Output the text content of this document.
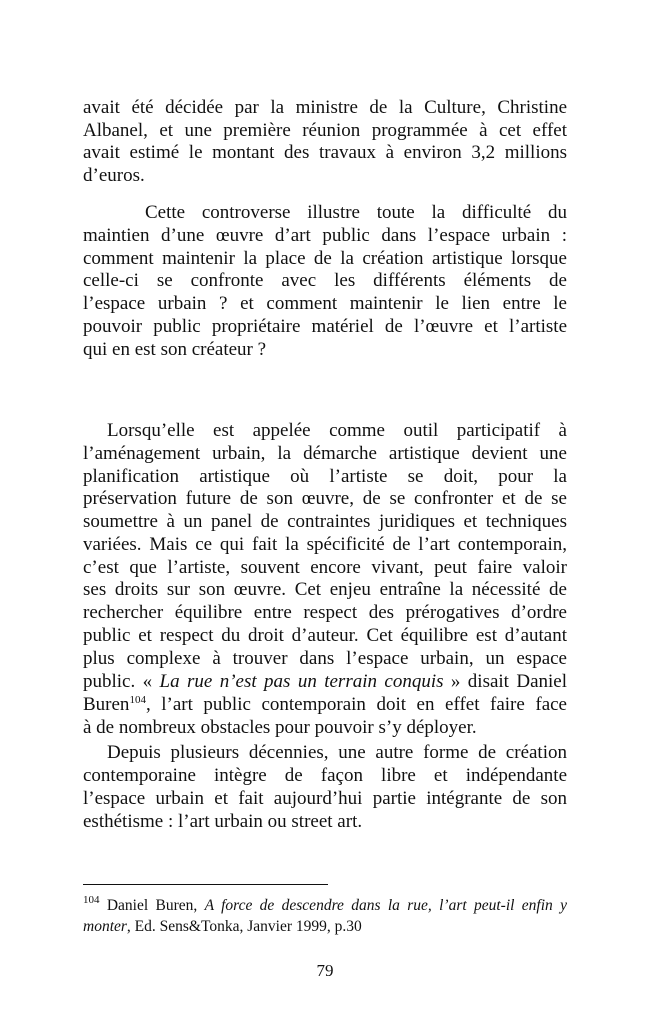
avait été décidée par la ministre de la Culture, Christine
Albanel, et une première réunion programmée à cet effet
avait estimé le montant des travaux à environ 3,2 millions
d’euros.
Cette controverse illustre toute la difficulté du
maintien d’une œuvre d’art public dans l’espace urbain :
comment maintenir la place de la création artistique lorsque
celle-ci se confronte avec les différents éléments de
l’espace urbain ? et comment maintenir le lien entre le
pouvoir public propriétaire matériel de l’œuvre et l’artiste
qui en est son créateur ?
Lorsqu’elle est appelée comme outil participatif à
l’aménagement urbain, la démarche artistique devient une
planification artistique où l’artiste se doit, pour la
préservation future de son œuvre, de se confronter et de se
soumettre à un panel de contraintes juridiques et techniques
variées. Mais ce qui fait la spécificité de l’art contemporain,
c’est que l’artiste, souvent encore vivant, peut faire valoir
ses droits sur son œuvre. Cet enjeu entraîne la nécessité de
rechercher équilibre entre respect des prérogatives d’ordre
public et respect du droit d’auteur. Cet équilibre est d’autant
plus complexe à trouver dans l’espace urbain, un espace
public. « La rue n’est pas un terrain conquis » disait Daniel
Buren$^{104}$, l’art public contemporain doit en effet faire face
à de nombreux obstacles pour pouvoir s’y déployer.
Depuis plusieurs décennies, une autre forme de création
contemporaine intègre de façon libre et indépendante
l’espace urbain et fait aujourd’hui partie intégrante de son
esthétisme : l’art urbain ou street art.
$^{104}$ Daniel Buren, A force de descendre dans la rue, l’art peut-il enfin y
monter, Ed. Sens&Tonka, Janvier 1999, p.30
79
